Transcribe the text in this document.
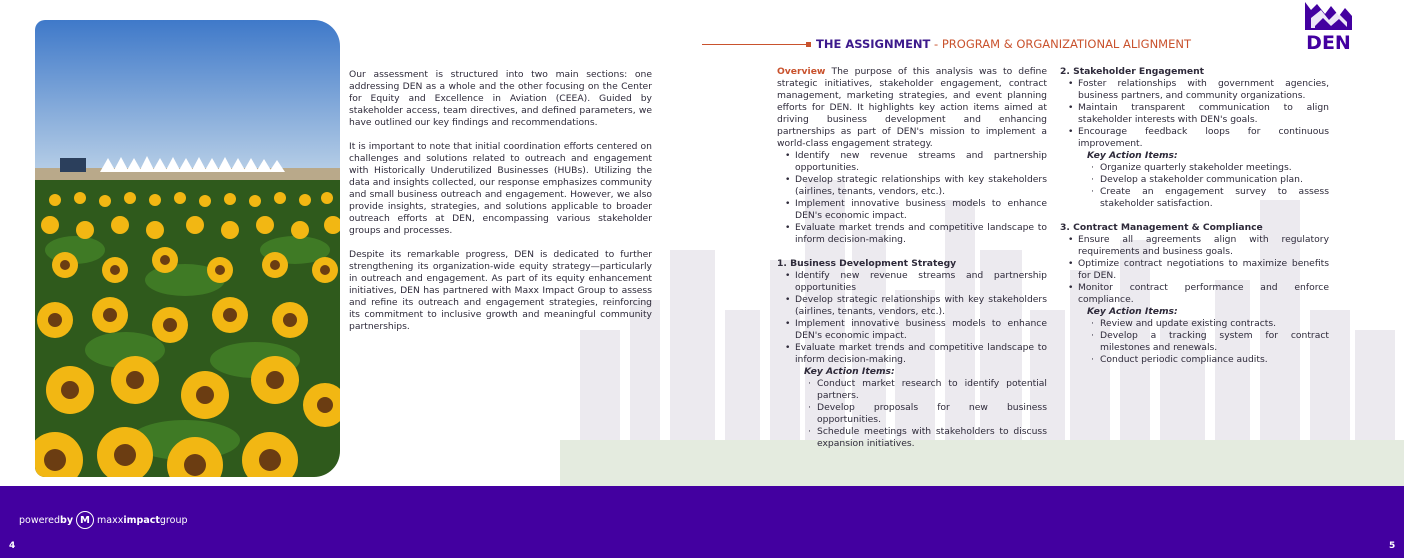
Our assessment is structured into two main sections: one addressing DEN as a whole and the other focusing on the Center for Equity and Excellence in Aviation (CEEA). Guided by stakeholder access, team directives, and defined parameters, we have outlined our key findings and recommendations.

It is important to note that initial coordination efforts centered on challenges and solutions related to outreach and engagement with Historically Underutilized Businesses (HUBs). Utilizing the data and insights collected, our response emphasizes community and small business outreach and engagement. However, we also provide insights, strategies, and solutions applicable to broader outreach efforts at DEN, encompassing various stakeholder groups and processes.

Despite its remarkable progress, DEN is dedicated to further strengthening its organization-wide equity strategy—particularly in outreach and engagement. As part of its equity enhancement initiatives, DEN has partnered with Maxx Impact Group to assess and refine its outreach and engagement strategies, reinforcing its commitment to inclusive growth and meaningful community partnerships.

THE ASSIGNMENT - PROGRAM & ORGANIZATIONAL ALIGNMENT	DEN

Overview The purpose of this analysis was to define strategic initiatives, stakeholder engagement, contract management, marketing strategies, and event planning efforts for DEN. It highlights key action items aimed at driving business development and enhancing partnerships as part of DEN's mission to implement a world-class engagement strategy.

• Identify new revenue streams and partnership opportunities.
• Develop strategic relationships with key stakeholders (airlines, tenants, vendors, etc.).
• Implement innovative business models to enhance DEN's economic impact.
• Evaluate market trends and competitive landscape to inform decision-making.

1. Business Development Strategy

• Identify new revenue streams and partnership opportunities
• Develop strategic relationships with key stakeholders (airlines, tenants, vendors, etc.).
• Implement innovative business models to enhance DEN's economic impact.
• Evaluate market trends and competitive landscape to inform decision-making.
Key Action Items:
· Conduct market research to identify potential partners.
· Develop proposals for new business opportunities.
· Schedule meetings with stakeholders to discuss expansion initiatives.

2. Stakeholder Engagement

• Foster relationships with government agencies, business partners, and community organizations.
• Maintain transparent communication to align stakeholder interests with DEN's goals.
• Encourage feedback loops for continuous improvement.
Key Action Items:
· Organize quarterly stakeholder meetings.
· Develop a stakeholder communication plan.
· Create an engagement survey to assess stakeholder satisfaction.

3. Contract Management & Compliance

• Ensure all agreements align with regulatory requirements and business goals.
• Optimize contract negotiations to maximize benefits for DEN.
• Monitor contract performance and enforce compliance.
Key Action Items:
· Review and update existing contracts.
· Develop a tracking system for contract milestones and renewals.
· Conduct periodic compliance audits.
powered by M maxx impact group
4	5
